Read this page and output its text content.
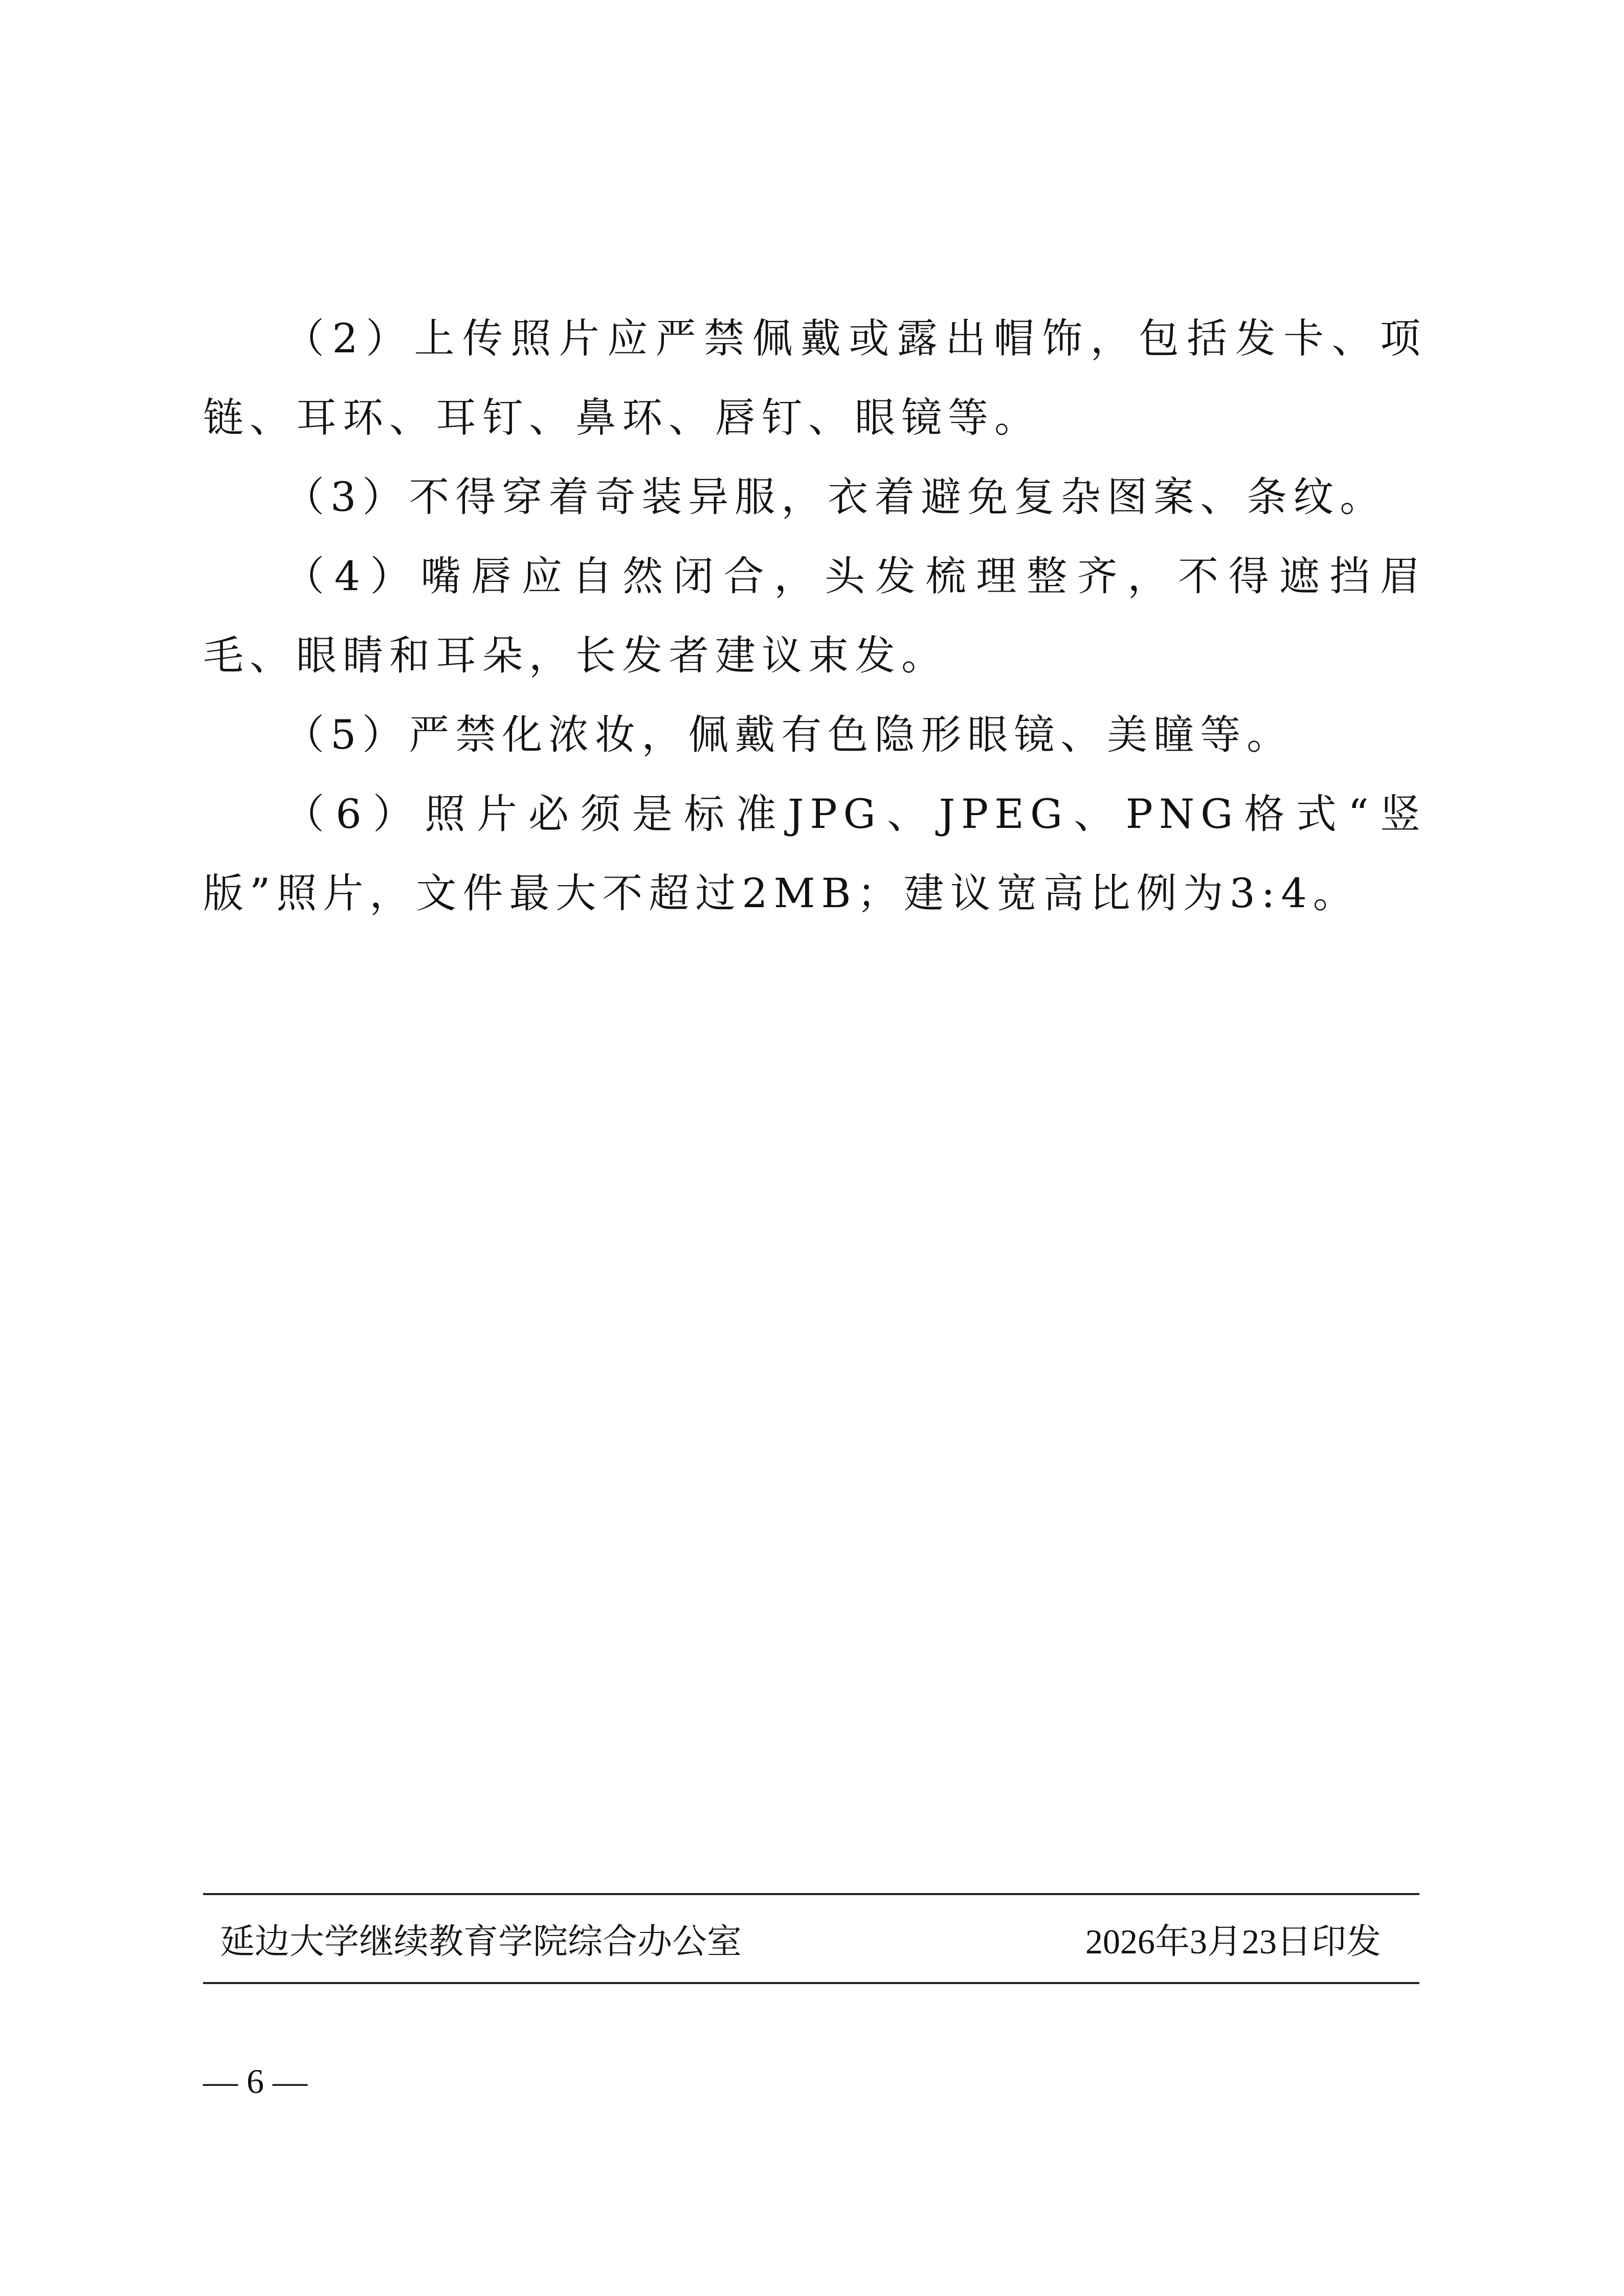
（2）上传照片应严禁佩戴或露出帽饰，包括发卡、项链、耳环、耳钉、鼻环、唇钉、眼镜等。

（3）不得穿着奇装异服，衣着避免复杂图案、条纹。

（4）嘴唇应自然闭合，头发梳理整齐，不得遮挡眉毛、眼睛和耳朵，长发者建议束发。

（5）严禁化浓妆，佩戴有色隐形眼镜、美瞳等。

（6）照片必须是标准JPG、JPEG、PNG格式“竖版”照片，文件最大不超过2MB；建议宽高比例为3:4。

延边大学继续教育学院综合办公室	2026年3月23日印发
— 6 —
